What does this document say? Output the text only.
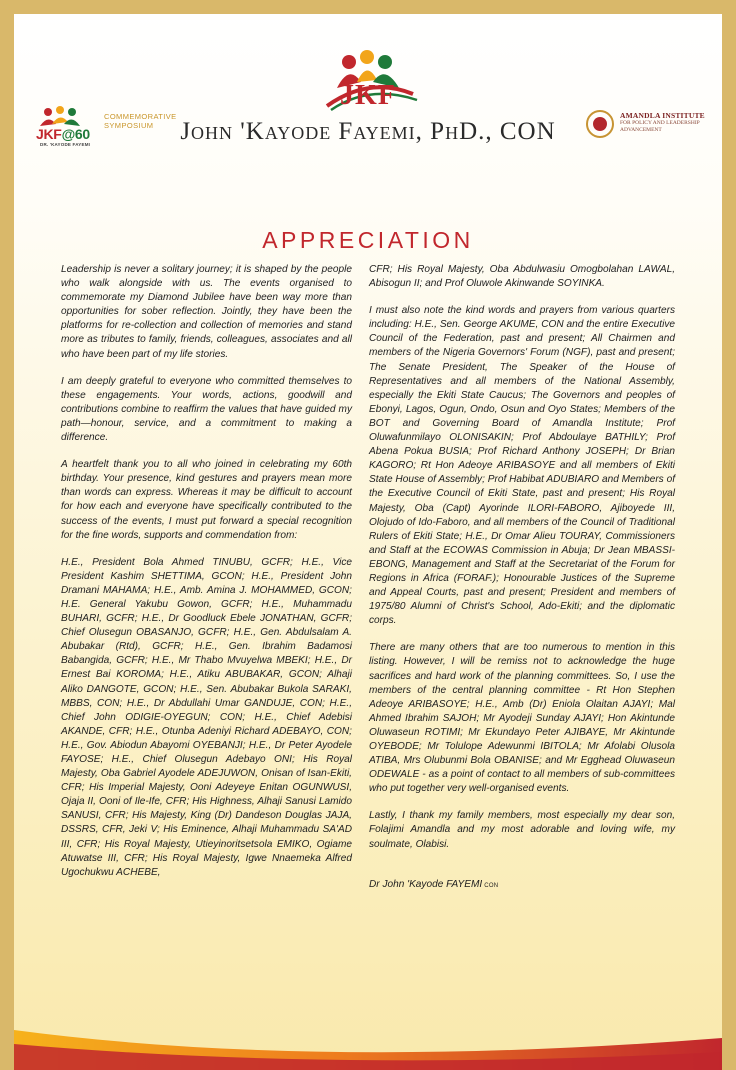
JKF@60
DR. 'KAYODE FAYEMI
COMMEMORATIVE SYMPOSIUM
JKF
John 'Kayode Fayemi, PhD., CON
AMANDLA INSTITUTE
FOR POLICY AND LEADERSHIP ADVANCEMENT
APPRECIATION

Leadership is never a solitary journey; it is shaped by the people who walk alongside with us. The events organised to commemorate my Diamond Jubilee have been way more than opportunities for sober reflection. Jointly, they have been the platforms for re-collection and collection of memories and stand more as tributes to family, friends, colleagues, associates and all who have been part of my life stories.

I am deeply grateful to everyone who committed themselves to these engagements. Your words, actions, goodwill and contributions combine to reaffirm the values that have guided my path—honour, service, and a commitment to making a difference.

A heartfelt thank you to all who joined in celebrating my 60th birthday. Your presence, kind gestures and prayers mean more than words can express. Whereas it may be difficult to account for how each and everyone have specifically contributed to the success of the events, I must put forward a special recognition for the fine words, supports and commendation from:

H.E., President Bola Ahmed TINUBU, GCFR; H.E., Vice President Kashim SHETTIMA, GCON; H.E., President John Dramani MAHAMA; H.E., Amb. Amina J. MOHAMMED, GCON; H.E. General Yakubu Gowon, GCFR; H.E., Muhammadu BUHARI, GCFR; H.E., Dr Goodluck Ebele JONATHAN, GCFR; Chief Olusegun OBASANJO, GCFR; H.E., Gen. Abdulsalam A. Abubakar (Rtd), GCFR; H.E., Gen. Ibrahim Badamosi Babangida, GCFR; H.E., Mr Thabo Mvuyelwa MBEKI; H.E., Dr Ernest Bai KOROMA; H.E., Atiku ABUBAKAR, GCON; Alhaji Aliko DANGOTE, GCON; H.E., Sen. Abubakar Bukola SARAKI, MBBS, CON; H.E., Dr Abdullahi Umar GANDUJE, CON; H.E., Chief John ODIGIE-OYEGUN; CON; H.E., Chief Adebisi AKANDE, CFR; H.E., Otunba Adeniyi Richard ADEBAYO, CON; H.E., Gov. Abiodun Abayomi OYEBANJI; H.E., Dr Peter Ayodele FAYOSE; H.E., Chief Olusegun Adebayo ONI; His Royal Majesty, Oba Gabriel Ayodele ADEJUWON, Onisan of Isan-Ekiti, CFR; His Imperial Majesty, Ooni Adeyeye Enitan OGUNWUSI, Ojaja II, Ooni of Ile-Ife, CFR; His Highness, Alhaji Sanusi Lamido SANUSI, CFR; His Majesty, King (Dr) Dandeson Douglas JAJA, DSSRS, CFR, Jeki V; His Eminence, Alhaji Muhammadu SA'AD III, CFR; His Royal Majesty, Utieyinoritsetsola EMIKO, Ogiame Atuwatse III, CFR; His Royal Majesty, Igwe Nnaemeka Alfred Ugochukwu ACHEBE,

CFR; His Royal Majesty, Oba Abdulwasiu Omogbolahan LAWAL, Abisogun II; and Prof Oluwole Akinwande SOYINKA.

I must also note the kind words and prayers from various quarters including: H.E., Sen. George AKUME, CON and the entire Executive Council of the Federation, past and present; All Chairmen and members of the Nigeria Governors' Forum (NGF), past and present; The Senate President, The Speaker of the House of Representatives and all members of the National Assembly, especially the Ekiti State Caucus; The Governors and peoples of Ebonyi, Lagos, Ogun, Ondo, Osun and Oyo States; Members of the BOT and Governing Board of Amandla Institute; Prof Oluwafunmilayo OLONISAKIN; Prof Abdoulaye BATHILY; Prof Abena Pokua BUSIA; Prof Richard Anthony JOSEPH; Dr Brian KAGORO; Rt Hon Adeoye ARIBASOYE and all members of Ekiti State House of Assembly; Prof Habibat ADUBIARO and Members of the Executive Council of Ekiti State, past and present; His Royal Majesty, Oba (Capt) Ayorinde ILORI-FABORO, Ajiboyede III, Olojudo of Ido-Faboro, and all members of the Council of Traditional Rulers of Ekiti State; H.E., Dr Omar Alieu TOURAY, Commissioners and Staff at the ECOWAS Commission in Abuja; Dr Jean MBASSI-EBONG, Management and Staff at the Secretariat of the Forum for Regions in Africa (FORAF.); Honourable Justices of the Supreme and Appeal Courts, past and present; President and members of 1975/80 Alumni of Christ's School, Ado-Ekiti; and the diplomatic corps.

There are many others that are too numerous to mention in this listing. However, I will be remiss not to acknowledge the huge sacrifices and hard work of the planning committees. So, I use the members of the central planning committee - Rt Hon Stephen Adeoye ARIBASOYE; H.E., Amb (Dr) Eniola Olaitan AJAYI; Mal Ahmed Ibrahim SAJOH; Mr Ayodeji Sunday AJAYI; Hon Akintunde Oluwaseun ROTIMI; Mr Ekundayo Peter AJIBAYE, Mr Akintunde OYEBODE; Mr Tolulope Adewunmi IBITOLA; Mr Afolabi Olusola ATIBA, Mrs Olubunmi Bola OBANISE; and Mr Egghead Oluwaseun ODEWALE - as a point of contact to all members of sub-committees who put together very well-organised events.

Lastly, I thank my family members, most especially my dear son, Folajimi Amandla and my most adorable and loving wife, my soulmate, Olabisi.

Dr John 'Kayode FAYEMI CON
